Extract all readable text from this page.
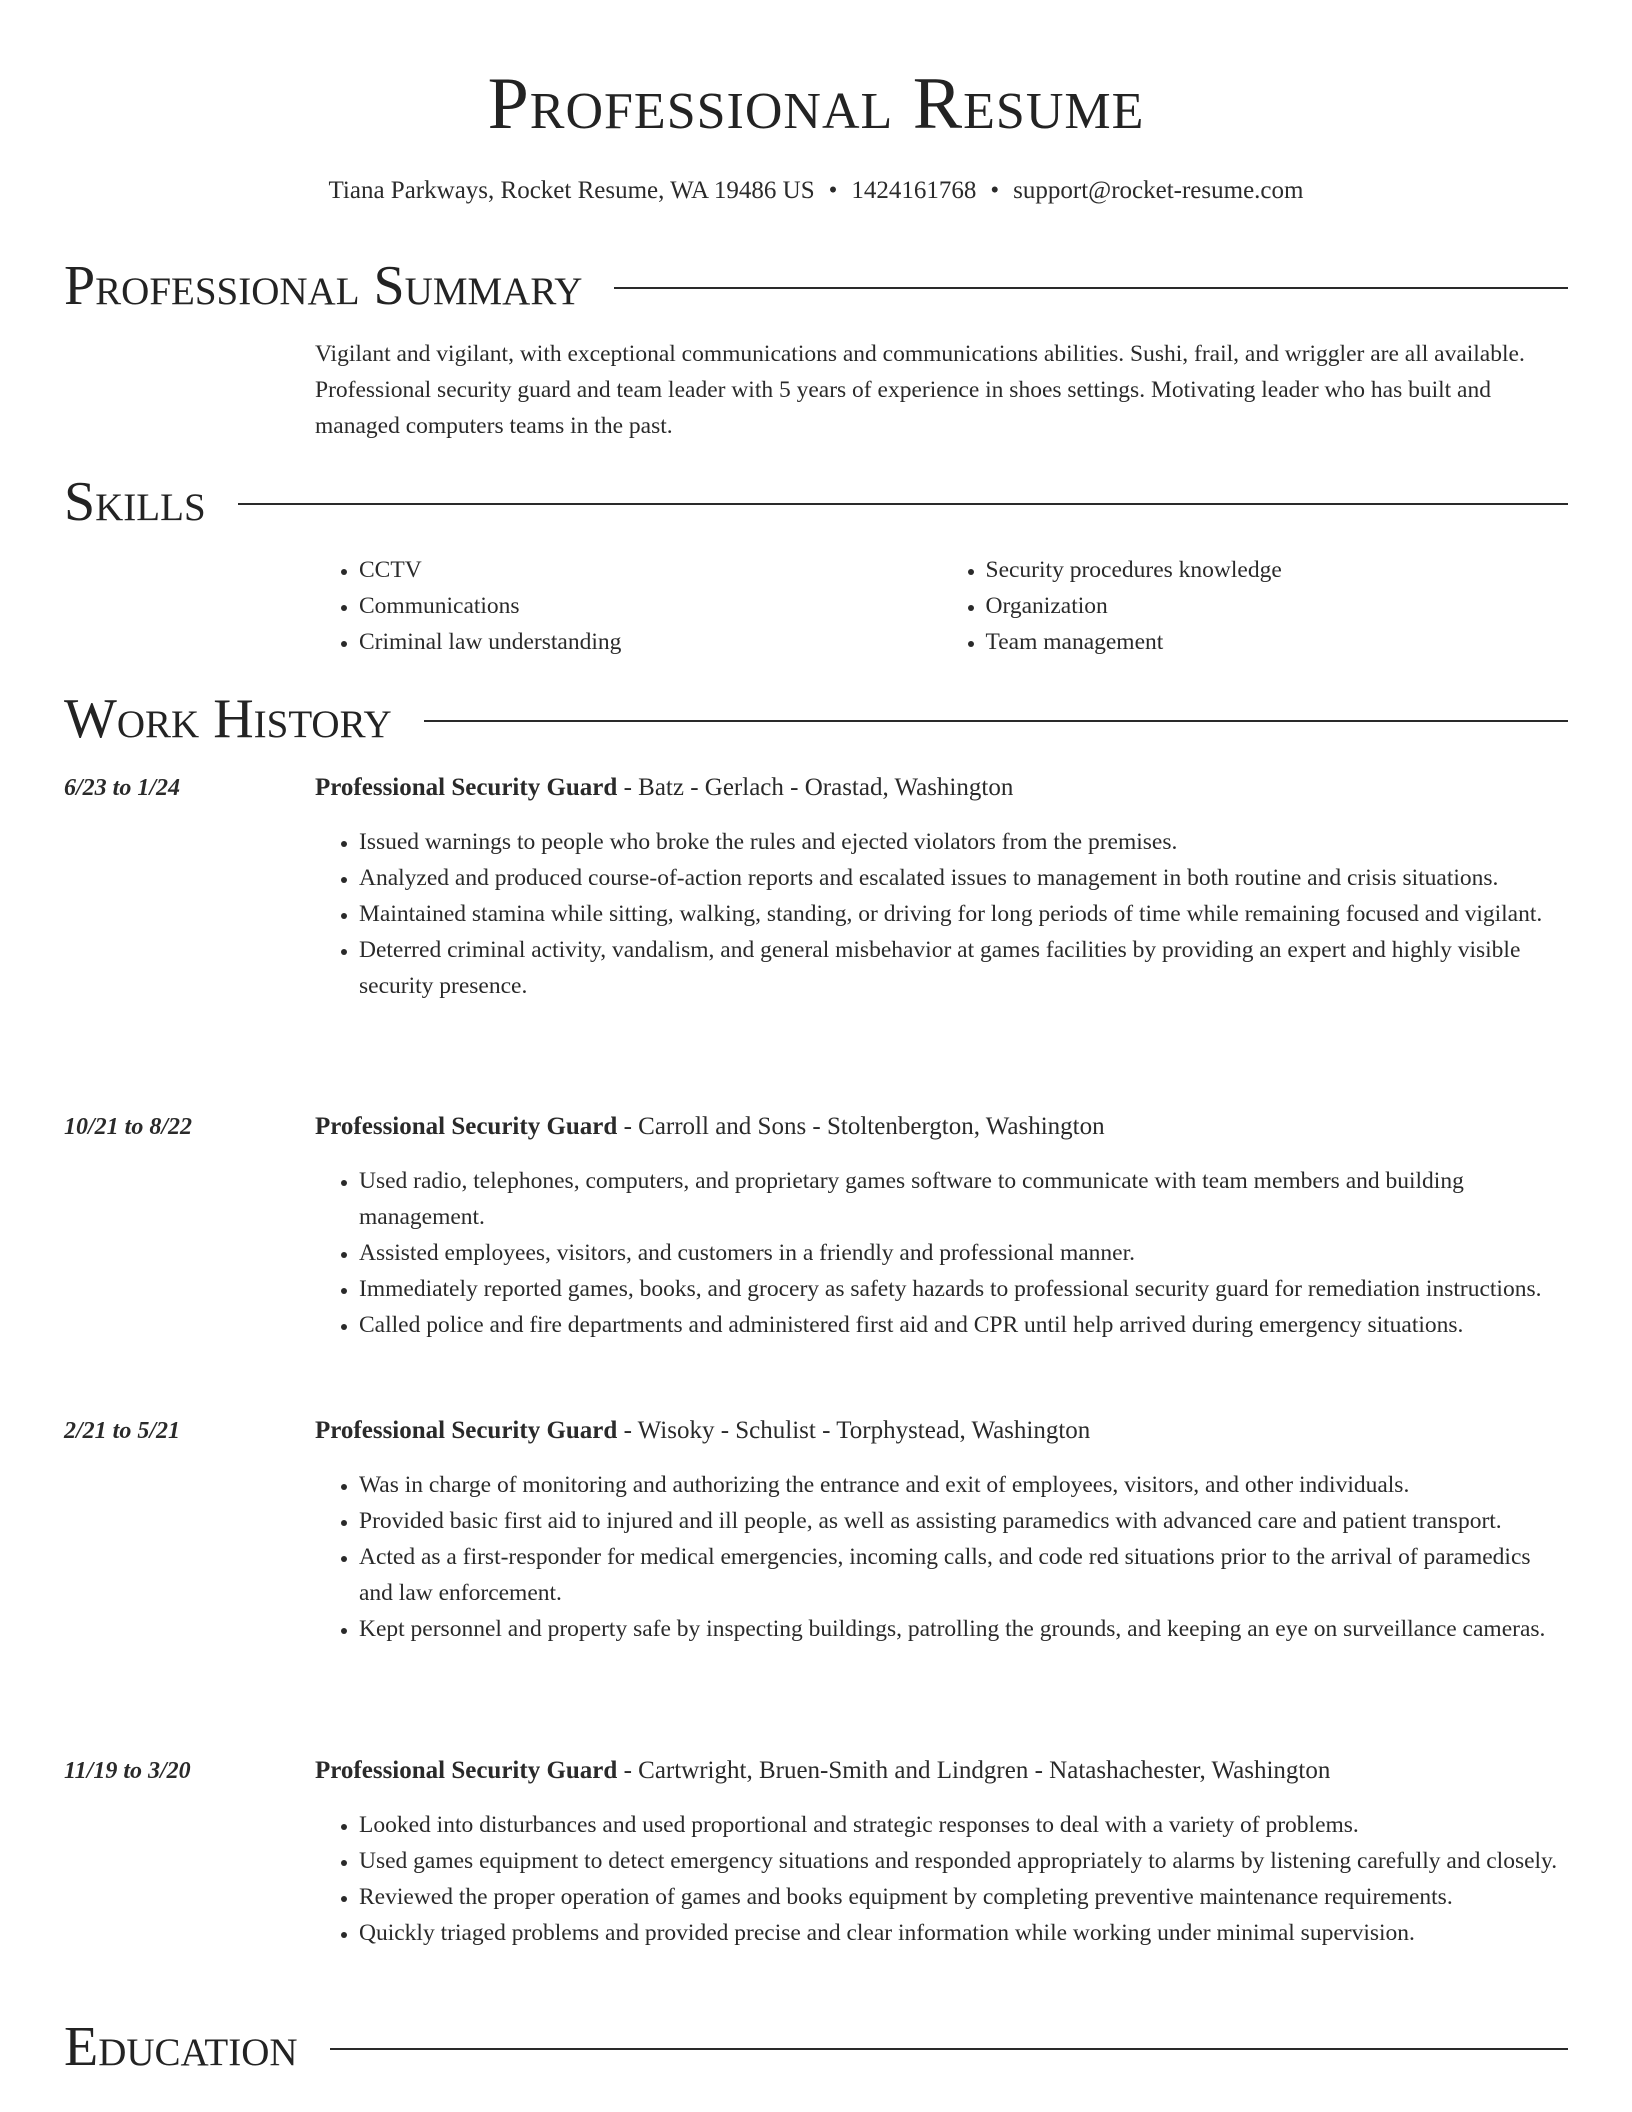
Professional Resume
Tiana Parkways, Rocket Resume, WA 19486 US • 1424161768 • support@rocket-resume.com
Professional Summary

Vigilant and vigilant, with exceptional communications and communications abilities. Sushi, frail, and wriggler are all available. Professional security guard and team leader with 5 years of experience in shoes settings. Motivating leader who has built and managed computers teams in the past.

Skills
• CCTV
• Communications
• Criminal law understanding
• Security procedures knowledge
• Organization
• Team management
Work History
6/23 to 1/24	Professional Security Guard - Batz - Gerlach - Orastad, Washington
• Issued warnings to people who broke the rules and ejected violators from the premises.
• Analyzed and produced course-of-action reports and escalated issues to management in both routine and crisis situations.
• Maintained stamina while sitting, walking, standing, or driving for long periods of time while remaining focused and vigilant.
• Deterred criminal activity, vandalism, and general misbehavior at games facilities by providing an expert and highly visible security presence.
10/21 to 8/22	Professional Security Guard - Carroll and Sons - Stoltenbergton, Washington
• Used radio, telephones, computers, and proprietary games software to communicate with team members and building management.
• Assisted employees, visitors, and customers in a friendly and professional manner.
• Immediately reported games, books, and grocery as safety hazards to professional security guard for remediation instructions.
• Called police and fire departments and administered first aid and CPR until help arrived during emergency situations.
2/21 to 5/21	Professional Security Guard - Wisoky - Schulist - Torphystead, Washington
• Was in charge of monitoring and authorizing the entrance and exit of employees, visitors, and other individuals.
• Provided basic first aid to injured and ill people, as well as assisting paramedics with advanced care and patient transport.
• Acted as a first-responder for medical emergencies, incoming calls, and code red situations prior to the arrival of paramedics and law enforcement.
• Kept personnel and property safe by inspecting buildings, patrolling the grounds, and keeping an eye on surveillance cameras.
11/19 to 3/20	Professional Security Guard - Cartwright, Bruen-Smith and Lindgren - Natashachester, Washington
• Looked into disturbances and used proportional and strategic responses to deal with a variety of problems.
• Used games equipment to detect emergency situations and responded appropriately to alarms by listening carefully and closely.
• Reviewed the proper operation of games and books equipment by completing preventive maintenance requirements.
• Quickly triaged problems and provided precise and clear information while working under minimal supervision.
Education
